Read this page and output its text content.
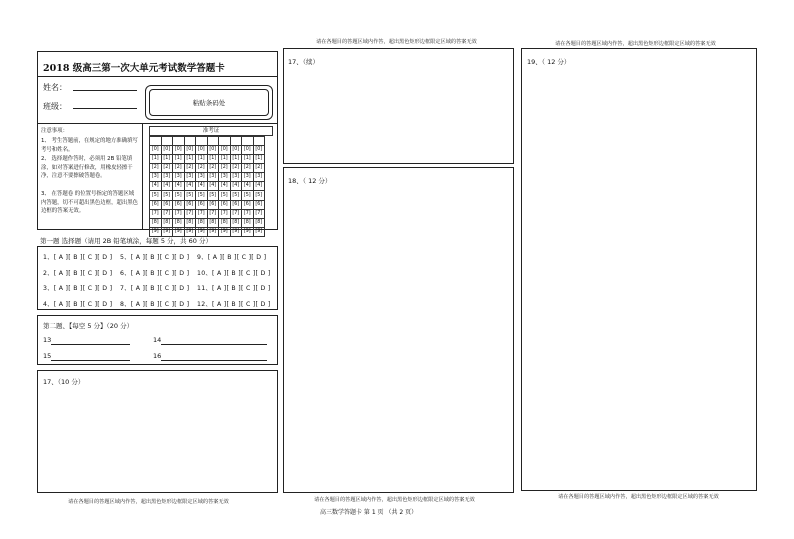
请在各题目的答题区域内作答，超出黑色矩形边框限定区域的答案无效	请在各题目的答题区域内作答，超出黑色矩形边框限定区域的答案无效
2018 级高三第一次大单元考试数学答题卡
姓名：
班级：	粘贴条码处
注意事项：
1、 考生答题前，在规定的地方准确填写考号和姓名。
2、 选择题作答时，必须用 2B 铅笔填涂，如对答案进行修改，用橡皮轻擦干净，注意不要擦破答题卷。
3、 在答题卷 的位置号指定的答题区域内答题，切不可超出黑色边框，超出黑色边框的答案无效。
准考证

[0]	[0]	[0]	[0]	[0]	[0]	[0]	[0]	[0]	[0]
[1]	[1]	[1]	[1]	[1]	[1]	[1]	[1]	[1]	[1]
[2]	[2]	[2]	[2]	[2]	[2]	[2]	[2]	[2]	[2]
[3]	[3]	[3]	[3]	[3]	[3]	[3]	[3]	[3]	[3]
[4]	[4]	[4]	[4]	[4]	[4]	[4]	[4]	[4]	[4]
[5]	[5]	[5]	[5]	[5]	[5]	[5]	[5]	[5]	[5]
[6]	[6]	[6]	[6]	[6]	[6]	[6]	[6]	[6]	[6]
[7]	[7]	[7]	[7]	[7]	[7]	[7]	[7]	[7]	[7]
[8]	[8]	[8]	[8]	[8]	[8]	[8]	[8]	[8]	[8]
[9]	[9]	[9]	[9]	[9]	[9]	[9]	[9]	[9]	[9]
第一题 选择题（请用 2B 铅笔填涂，每题 5 分，共 60 分）
1、[ A ][ B ][ C ][ D ] 5、[ A ][ B ][ C ][ D ] 9、[ A ][ B ][ C ][ D ]
2、[ A ][ B ][ C ][ D ] 6、[ A ][ B ][ C ][ D ] 10、[ A ][ B ][ C ][ D ]
3、[ A ][ B ][ C ][ D ] 7、[ A ][ B ][ C ][ D ] 11、[ A ][ B ][ C ][ D ]
4、[ A ][ B ][ C ][ D ] 8、[ A ][ B ][ C ][ D ] 12、[ A ][ B ][ C ][ D ]
第二题、【每空 5 分】（20 分）
13	14
15	16
17、（10 分）
请在各题目的答题区域内作答，超出黑色矩形边框限定区域的答案无效
17、（续）
18、（ 12 分）
请在各题目的答题区域内作答，超出黑色矩形边框限定区域的答案无效
高三数学答题卡 第 1 页 （共 2 页）
19、（ 12 分）
请在各题目的答题区域内作答，超出黑色矩形边框限定区域的答案无效
